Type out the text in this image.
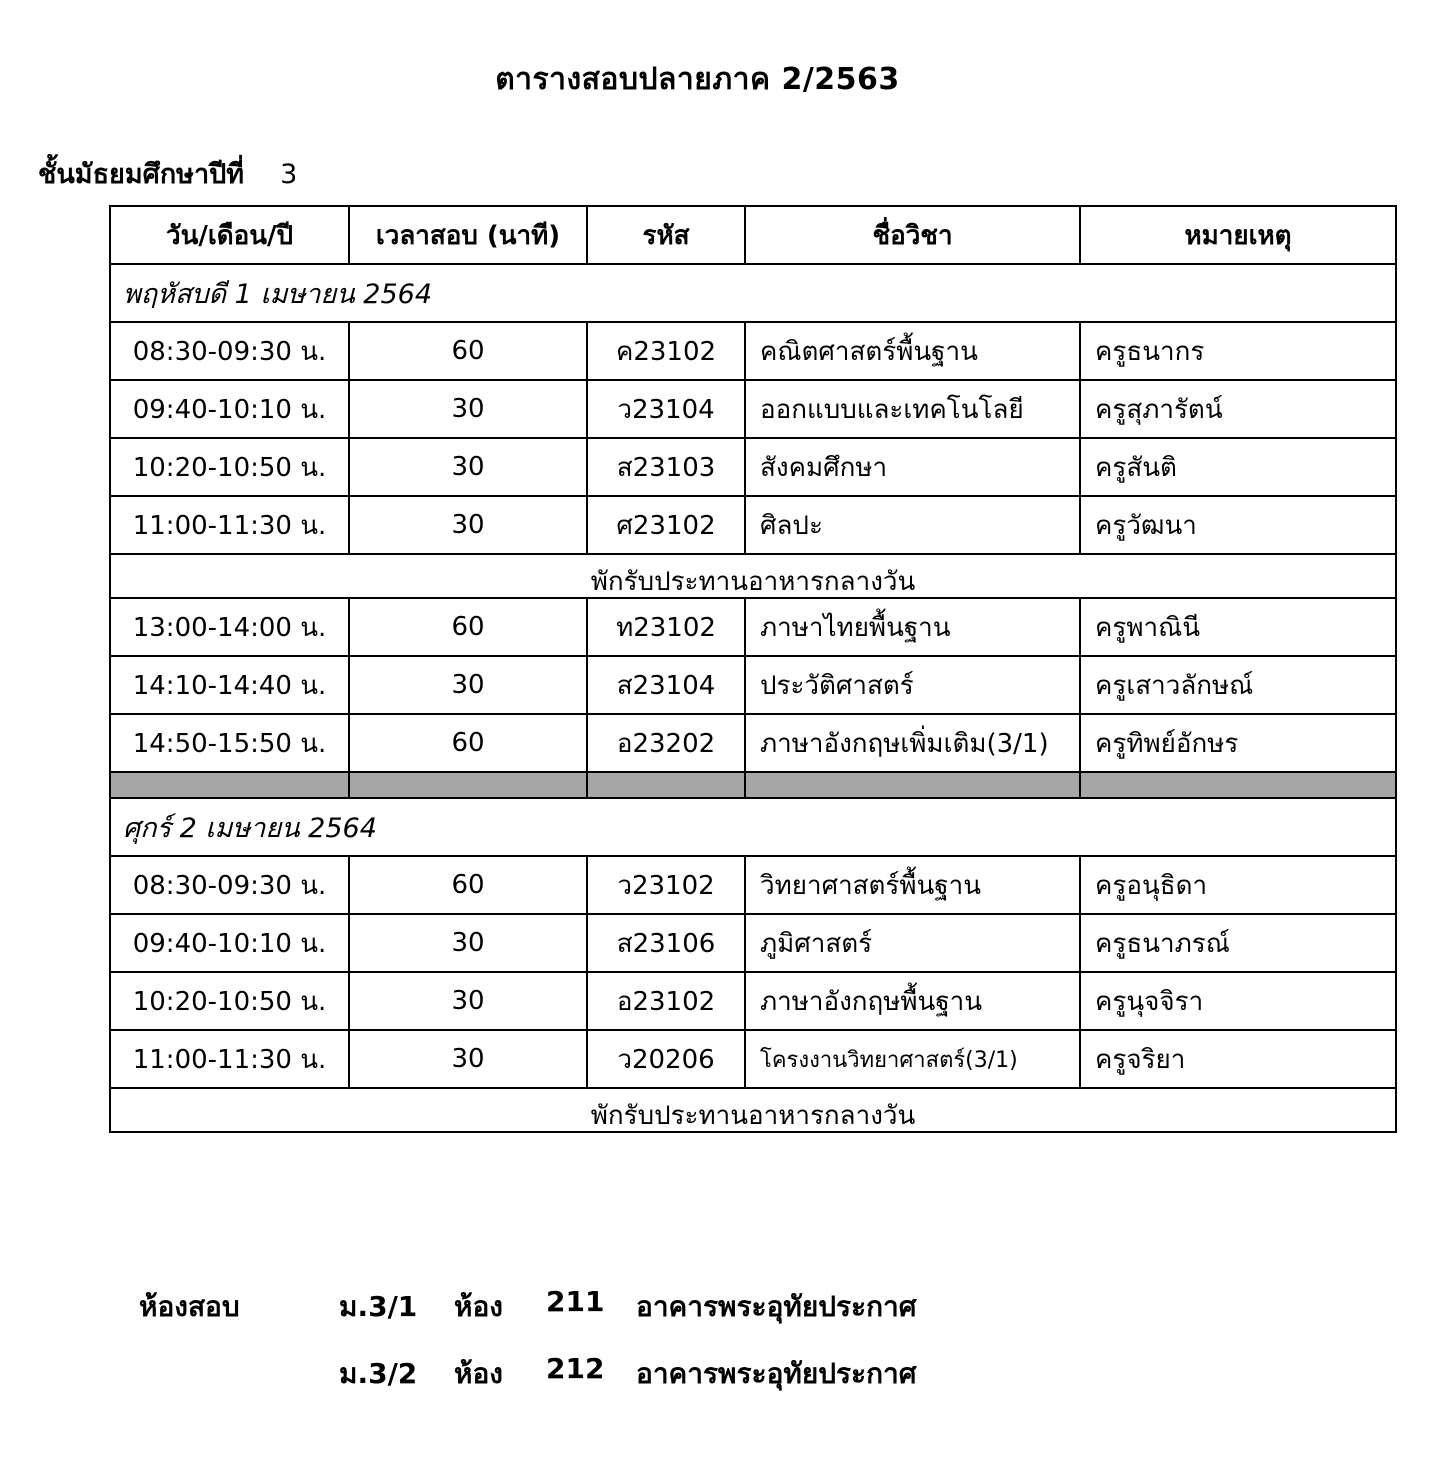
ตารางสอบปลายภาค 2/2563
ชั้นมัธยมศึกษาปีที่ 3
วัน/เดือน/ปี	เวลาสอบ (นาที)	รหัส	ชื่อวิชา	หมายเหตุ
พฤหัสบดี 1 เมษายน 2564				
08:30-09:30 น.	60	ค23102	คณิตศาสตร์พื้นฐาน	ครูธนากร
09:40-10:10 น.	30	ว23104	ออกแบบและเทคโนโลยี	ครูสุภารัตน์
10:20-10:50 น.	30	ส23103	สังคมศึกษา	ครูสันติ
11:00-11:30 น.	30	ศ23102	ศิลปะ	ครูวัฒนา
พักรับประทานอาหารกลางวัน				
13:00-14:00 น.	60	ท23102	ภาษาไทยพื้นฐาน	ครูพาณินี
14:10-14:40 น.	30	ส23104	ประวัติศาสตร์	ครูเสาวลักษณ์
14:50-15:50 น.	60	อ23202	ภาษาอังกฤษเพิ่มเติม(3/1)	ครูทิพย์อักษร

ศุกร์ 2 เมษายน 2564				
08:30-09:30 น.	60	ว23102	วิทยาศาสตร์พื้นฐาน	ครูอนุธิดา
09:40-10:10 น.	30	ส23106	ภูมิศาสตร์	ครูธนาภรณ์
10:20-10:50 น.	30	อ23102	ภาษาอังกฤษพื้นฐาน	ครูนุจจิรา
11:00-11:30 น.	30	ว20206	โครงงานวิทยาศาสตร์(3/1)	ครูจริยา
พักรับประทานอาหารกลางวัน				
ห้องสอบ	ม.3/1 ห้อง 211 อาคารพระอุทัยประกาศ
ม.3/2 ห้อง 212 อาคารพระอุทัยประกาศ
